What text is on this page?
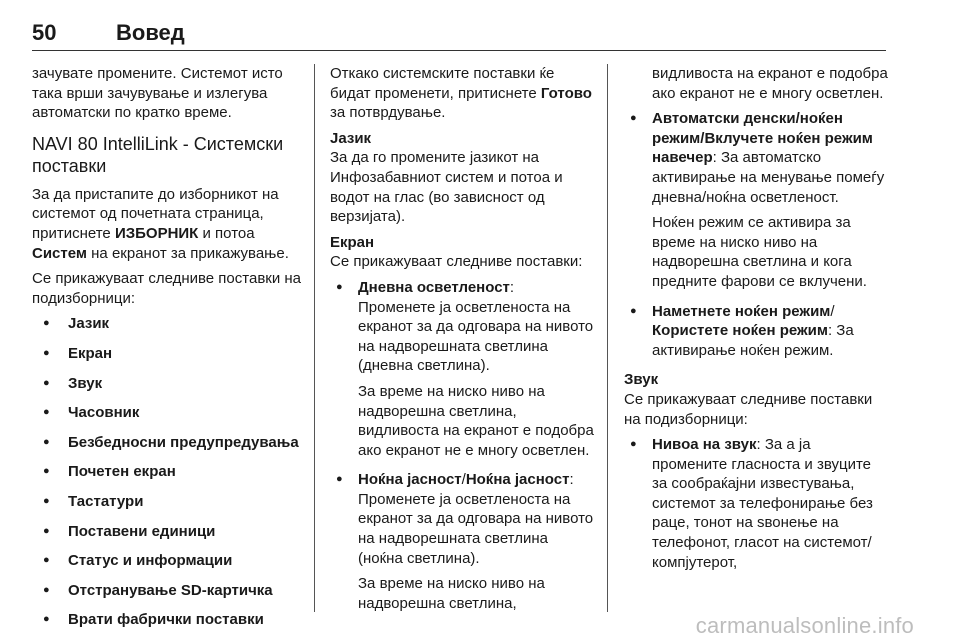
50	Вовед

зачувате промените. Системот исто така врши зачувување и излегува автоматски по кратко време.

NAVI 80 IntelliLink - Системски поставки

За да пристапите до изборникот на системот од почетната страница, притиснете ИЗБОРНИК и потоа Систем на екранот за прикажување.

Се прикажуваат следниве поставки на подизборници:

● Јазик
● Екран
● Звук
● Часовник
● Безбедносни предупредувања
● Почетен екран
● Тастатури
● Поставени единици
● Статус и информации
● Отстранување SD-картичка
● Врати фабрички поставки

Откако системските поставки ќе бидат променети, притиснете Готово за потврдување.

Јазик

За да го промените јазикот на Инфозабавниот систем и потоа и водот на глас (во зависност од верзијата).

Екран

Се прикажуваат следниве поставки:

● Дневна осветленост: Променете ја осветленоста на екранот за да одговара на нивото на надворешната светлина (дневна светлина).

За време на ниско ниво на надворешна светлина, видливоста на екранот е подобра ако екранот не е многу осветлен.

● Ноќна јасност/Ноќна јасност: Променете ја осветленоста на екранот за да одговара на нивото на надворешната светлина (ноќна светлина).

За време на ниско ниво на надворешна светлина,

видливоста на екранот е подобра ако екранот не е многу осветлен.

● Автоматски денски/ноќен режим/Вклучете ноќен режим навечер: За автоматско активирање на менување помеѓу дневна/ноќна осветленост.

Ноќен режим се активира за време на ниско ниво на надворешна светлина и кога предните фарови се вклучени.

● Наметнете ноќен режим/Користете ноќен режим: За активирање ноќен режим.

Звук

Се прикажуваат следниве поставки на подизборници:

● Нивоа на звук: За а ја промените гласноста и звуците за сообраќајни известувања, системот за телефонирање без раце, тонот на ѕвонење на телефонот, гласот на системот/компјутерот,

carmanualsonline.info
